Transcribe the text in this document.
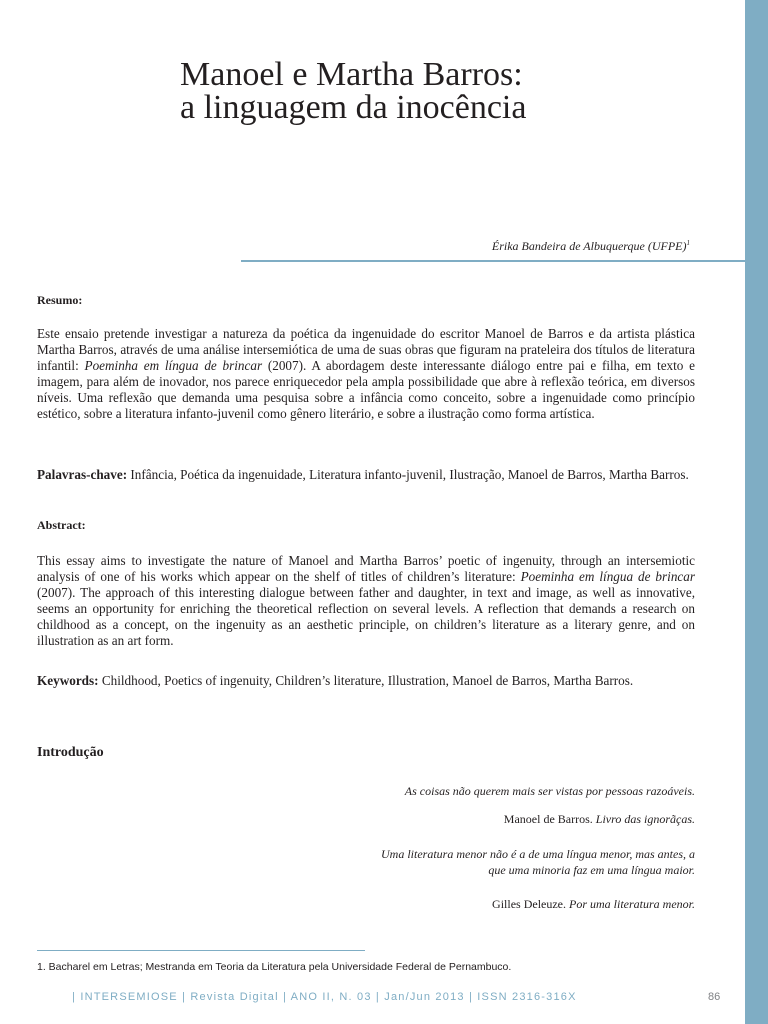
Manoel e Martha Barros:
a linguagem da inocência
Érika Bandeira de Albuquerque (UFPE)$^1$
Resumo:

Este ensaio pretende investigar a natureza da poética da ingenuidade do escritor Manoel de Barros e da artista plástica Martha Barros, através de uma análise intersemiótica de uma de suas obras que figuram na prateleira dos títulos de literatura infantil: Poeminha em língua de brincar (2007). A abordagem deste interessante diálogo entre pai e filha, em texto e imagem, para além de inovador, nos parece enriquecedor pela ampla possibilidade que abre à reflexão teórica, em diversos níveis. Uma reflexão que demanda uma pesquisa sobre a infância como conceito, sobre a ingenuidade como princípio estético, sobre a literatura infanto-juvenil como gênero literário, e sobre a ilustração como forma artística.

Palavras-chave: Infância, Poética da ingenuidade, Literatura infanto-juvenil, Ilustração, Manoel de Barros, Martha Barros.

Abstract:

This essay aims to investigate the nature of Manoel and Martha Barros’ poetic of ingenuity, through an intersemiotic analysis of one of his works which appear on the shelf of titles of children’s literature: Poeminha em língua de brincar (2007). The approach of this interesting dialogue between father and daughter, in text and image, as well as innovative, seems an opportunity for enriching the theoretical reflection on several levels. A reflection that demands a research on childhood as a concept, on the ingenuity as an aesthetic principle, on children’s literature as a literary genre, and on illustration as an art form.

Keywords: Childhood, Poetics of ingenuity, Children’s literature, Illustration, Manoel de Barros, Martha Barros.

Introdução
As coisas não querem mais ser vistas por pessoas razoáveis.
Manoel de Barros. Livro das ignorãças.
Uma literatura menor não é a de uma língua menor, mas antes, a
que uma minoria faz em uma língua maior.
Gilles Deleuze. Por uma literatura menor.
1. Bacharel em Letras; Mestranda em Teoria da Literatura pela Universidade Federal de Pernambuco.
| INTERSEMIOSE | Revista Digital | ANO II, N. 03 | Jan/Jun 2013 | ISSN 2316-316X	86
